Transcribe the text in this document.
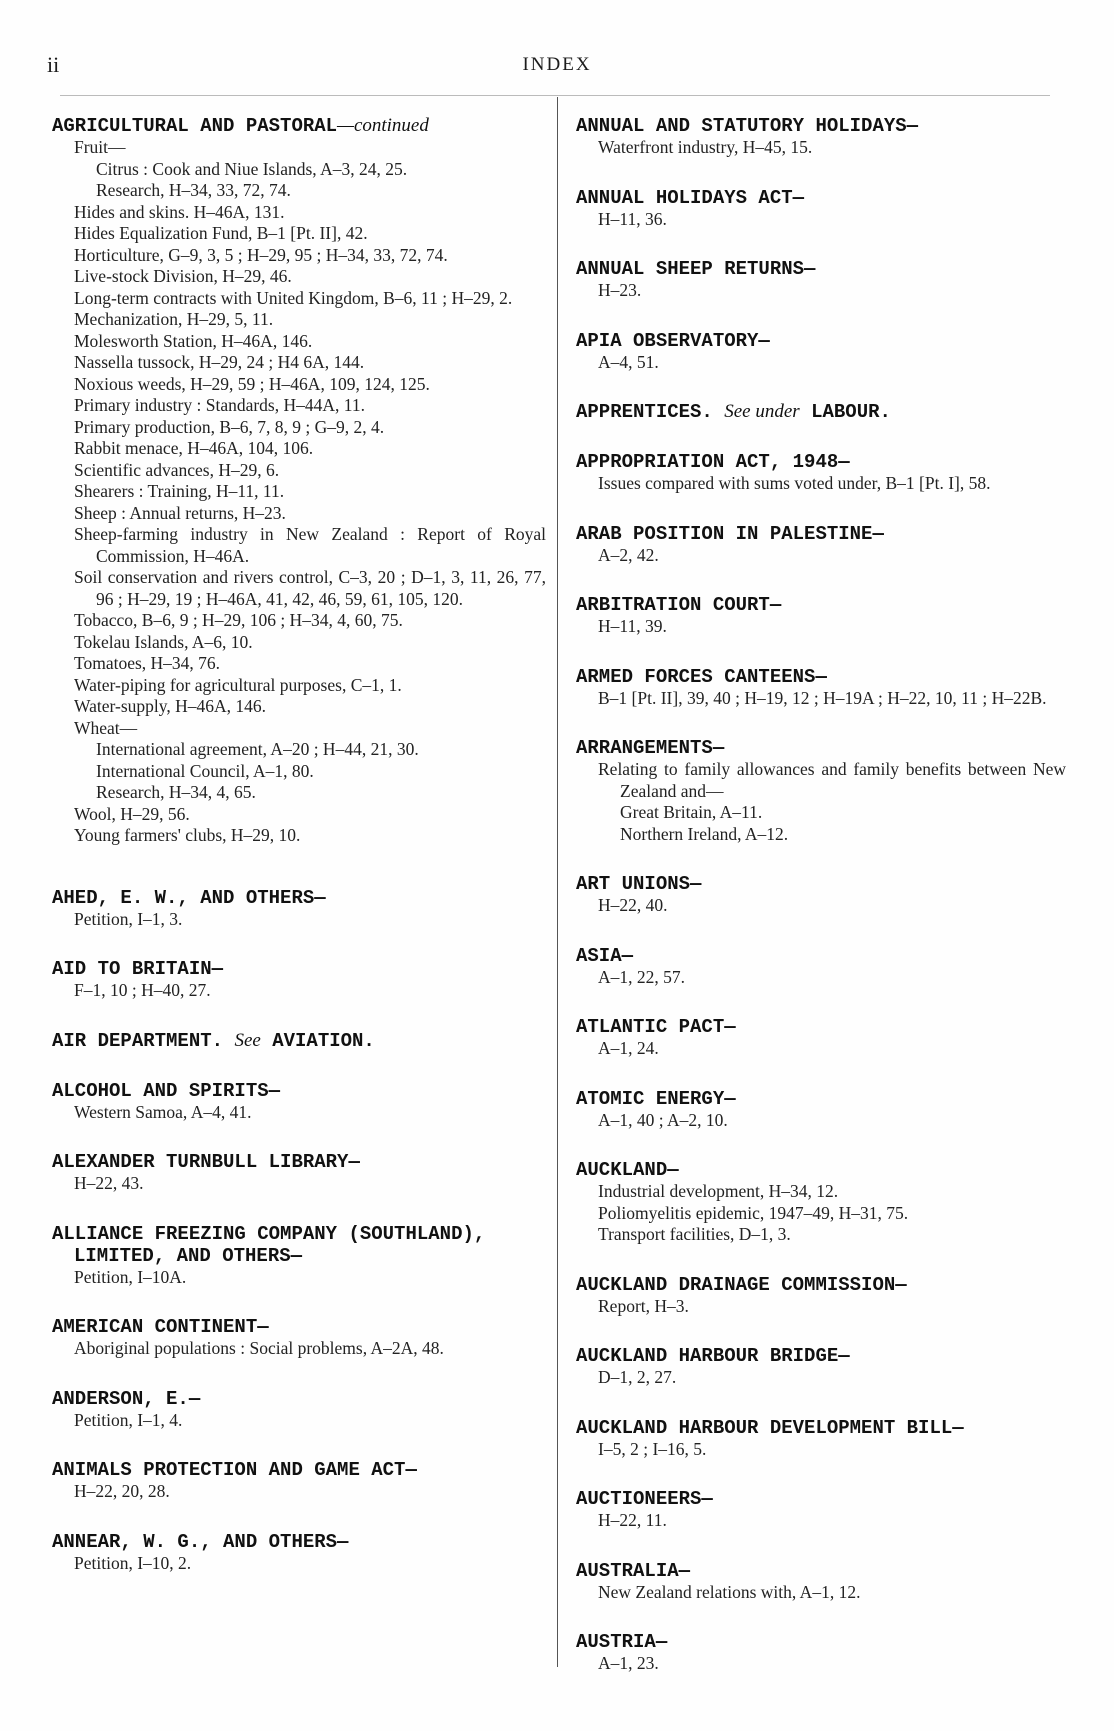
ii	INDEX
AGRICULTURAL AND PASTORAL—continued
Fruit—
Citrus : Cook and Niue Islands, A–3, 24, 25.
Research, H–34, 33, 72, 74.
Hides and skins. H–46A, 131.
Hides Equalization Fund, B–1 [Pt. II], 42.
Horticulture, G–9, 3, 5 ; H–29, 95 ; H–34, 33, 72, 74.
Live-stock Division, H–29, 46.
Long-term contracts with United Kingdom, B–6, 11 ; H–29, 2.
Mechanization, H–29, 5, 11.
Molesworth Station, H–46A, 146.
Nassella tussock, H–29, 24 ; H4 6A, 144.
Noxious weeds, H–29, 59 ; H–46A, 109, 124, 125.
Primary industry : Standards, H–44A, 11.
Primary production, B–6, 7, 8, 9 ; G–9, 2, 4.
Rabbit menace, H–46A, 104, 106.
Scientific advances, H–29, 6.
Shearers : Training, H–11, 11.
Sheep : Annual returns, H–23.
Sheep-farming industry in New Zealand : Report of Royal Commission, H–46A.
Soil conservation and rivers control, C–3, 20 ; D–1, 3, 11, 26, 77, 96 ; H–29, 19 ; H–46A, 41, 42, 46, 59, 61, 105, 120.
Tobacco, B–6, 9 ; H–29, 106 ; H–34, 4, 60, 75.
Tokelau Islands, A–6, 10.
Tomatoes, H–34, 76.
Water-piping for agricultural purposes, C–1, 1.
Water-supply, H–46A, 146.
Wheat—
International agreement, A–20 ; H–44, 21, 30.
International Council, A–1, 80.
Research, H–34, 4, 65.
Wool, H–29, 56.
Young farmers' clubs, H–29, 10.
AHED, E. W., AND OTHERS—
Petition, I–1, 3.
AID TO BRITAIN—
F–1, 10 ; H–40, 27.
AIR DEPARTMENT. See AVIATION.
ALCOHOL AND SPIRITS—
Western Samoa, A–4, 41.
ALEXANDER TURNBULL LIBRARY—
H–22, 43.
ALLIANCE FREEZING COMPANY (SOUTHLAND), LIMITED, AND OTHERS—
Petition, I–10A.
AMERICAN CONTINENT—
Aboriginal populations : Social problems, A–2A, 48.
ANDERSON, E.—
Petition, I–1, 4.
ANIMALS PROTECTION AND GAME ACT—
H–22, 20, 28.
ANNEAR, W. G., AND OTHERS—
Petition, I–10, 2.
ANNUAL AND STATUTORY HOLIDAYS—
Waterfront industry, H–45, 15.
ANNUAL HOLIDAYS ACT—
H–11, 36.
ANNUAL SHEEP RETURNS—
H–23.
APIA OBSERVATORY—
A–4, 51.
APPRENTICES. See under LABOUR.
APPROPRIATION ACT, 1948—
Issues compared with sums voted under, B–1 [Pt. I], 58.
ARAB POSITION IN PALESTINE—
A–2, 42.
ARBITRATION COURT—
H–11, 39.
ARMED FORCES CANTEENS—
B–1 [Pt. II], 39, 40 ; H–19, 12 ; H–19A ; H–22, 10, 11 ; H–22B.
ARRANGEMENTS—
Relating to family allowances and family benefits between New Zealand and—
Great Britain, A–11.
Northern Ireland, A–12.
ART UNIONS—
H–22, 40.
ASIA—
A–1, 22, 57.
ATLANTIC PACT—
A–1, 24.
ATOMIC ENERGY—
A–1, 40 ; A–2, 10.
AUCKLAND—
Industrial development, H–34, 12.
Poliomyelitis epidemic, 1947–49, H–31, 75.
Transport facilities, D–1, 3.
AUCKLAND DRAINAGE COMMISSION—
Report, H–3.
AUCKLAND HARBOUR BRIDGE—
D–1, 2, 27.
AUCKLAND HARBOUR DEVELOPMENT BILL—
I–5, 2 ; I–16, 5.
AUCTIONEERS—
H–22, 11.
AUSTRALIA—
New Zealand relations with, A–1, 12.
AUSTRIA—
A–1, 23.
